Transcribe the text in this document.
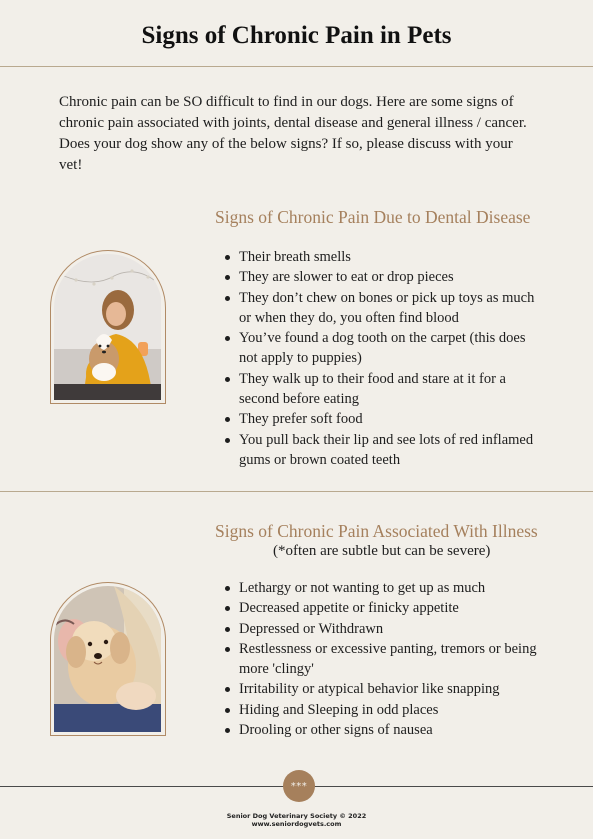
Signs of Chronic Pain in Pets
Chronic pain can be SO difficult to find in our dogs. Here are some signs of chronic pain associated with joints, dental disease and general illness / cancer. Does your dog show any of the below signs? If so, please discuss with your vet!
Signs of Chronic Pain Due to Dental Disease
Their breath smells
They are slower to eat or drop pieces
They don’t chew on bones or pick up toys as much or when they do, you often find blood
You’ve found a dog tooth on the carpet (this does not apply to puppies)
They walk up to their food and stare at it for a second before eating
They prefer soft food
You pull back their lip and see lots of red inflamed gums or brown coated teeth
Signs of Chronic Pain Associated With Illness
(*often are subtle but can be severe)
Lethargy or not wanting to get up as much
Decreased appetite or finicky appetite
Depressed or Withdrawn
Restlessness or excessive panting, tremors or being more 'clingy'
Irritability or atypical behavior like snapping
Hiding and Sleeping in odd places
Drooling or other signs of nausea
***
Senior Dog Veterinary Society © 2022
www.seniordogvets.com
